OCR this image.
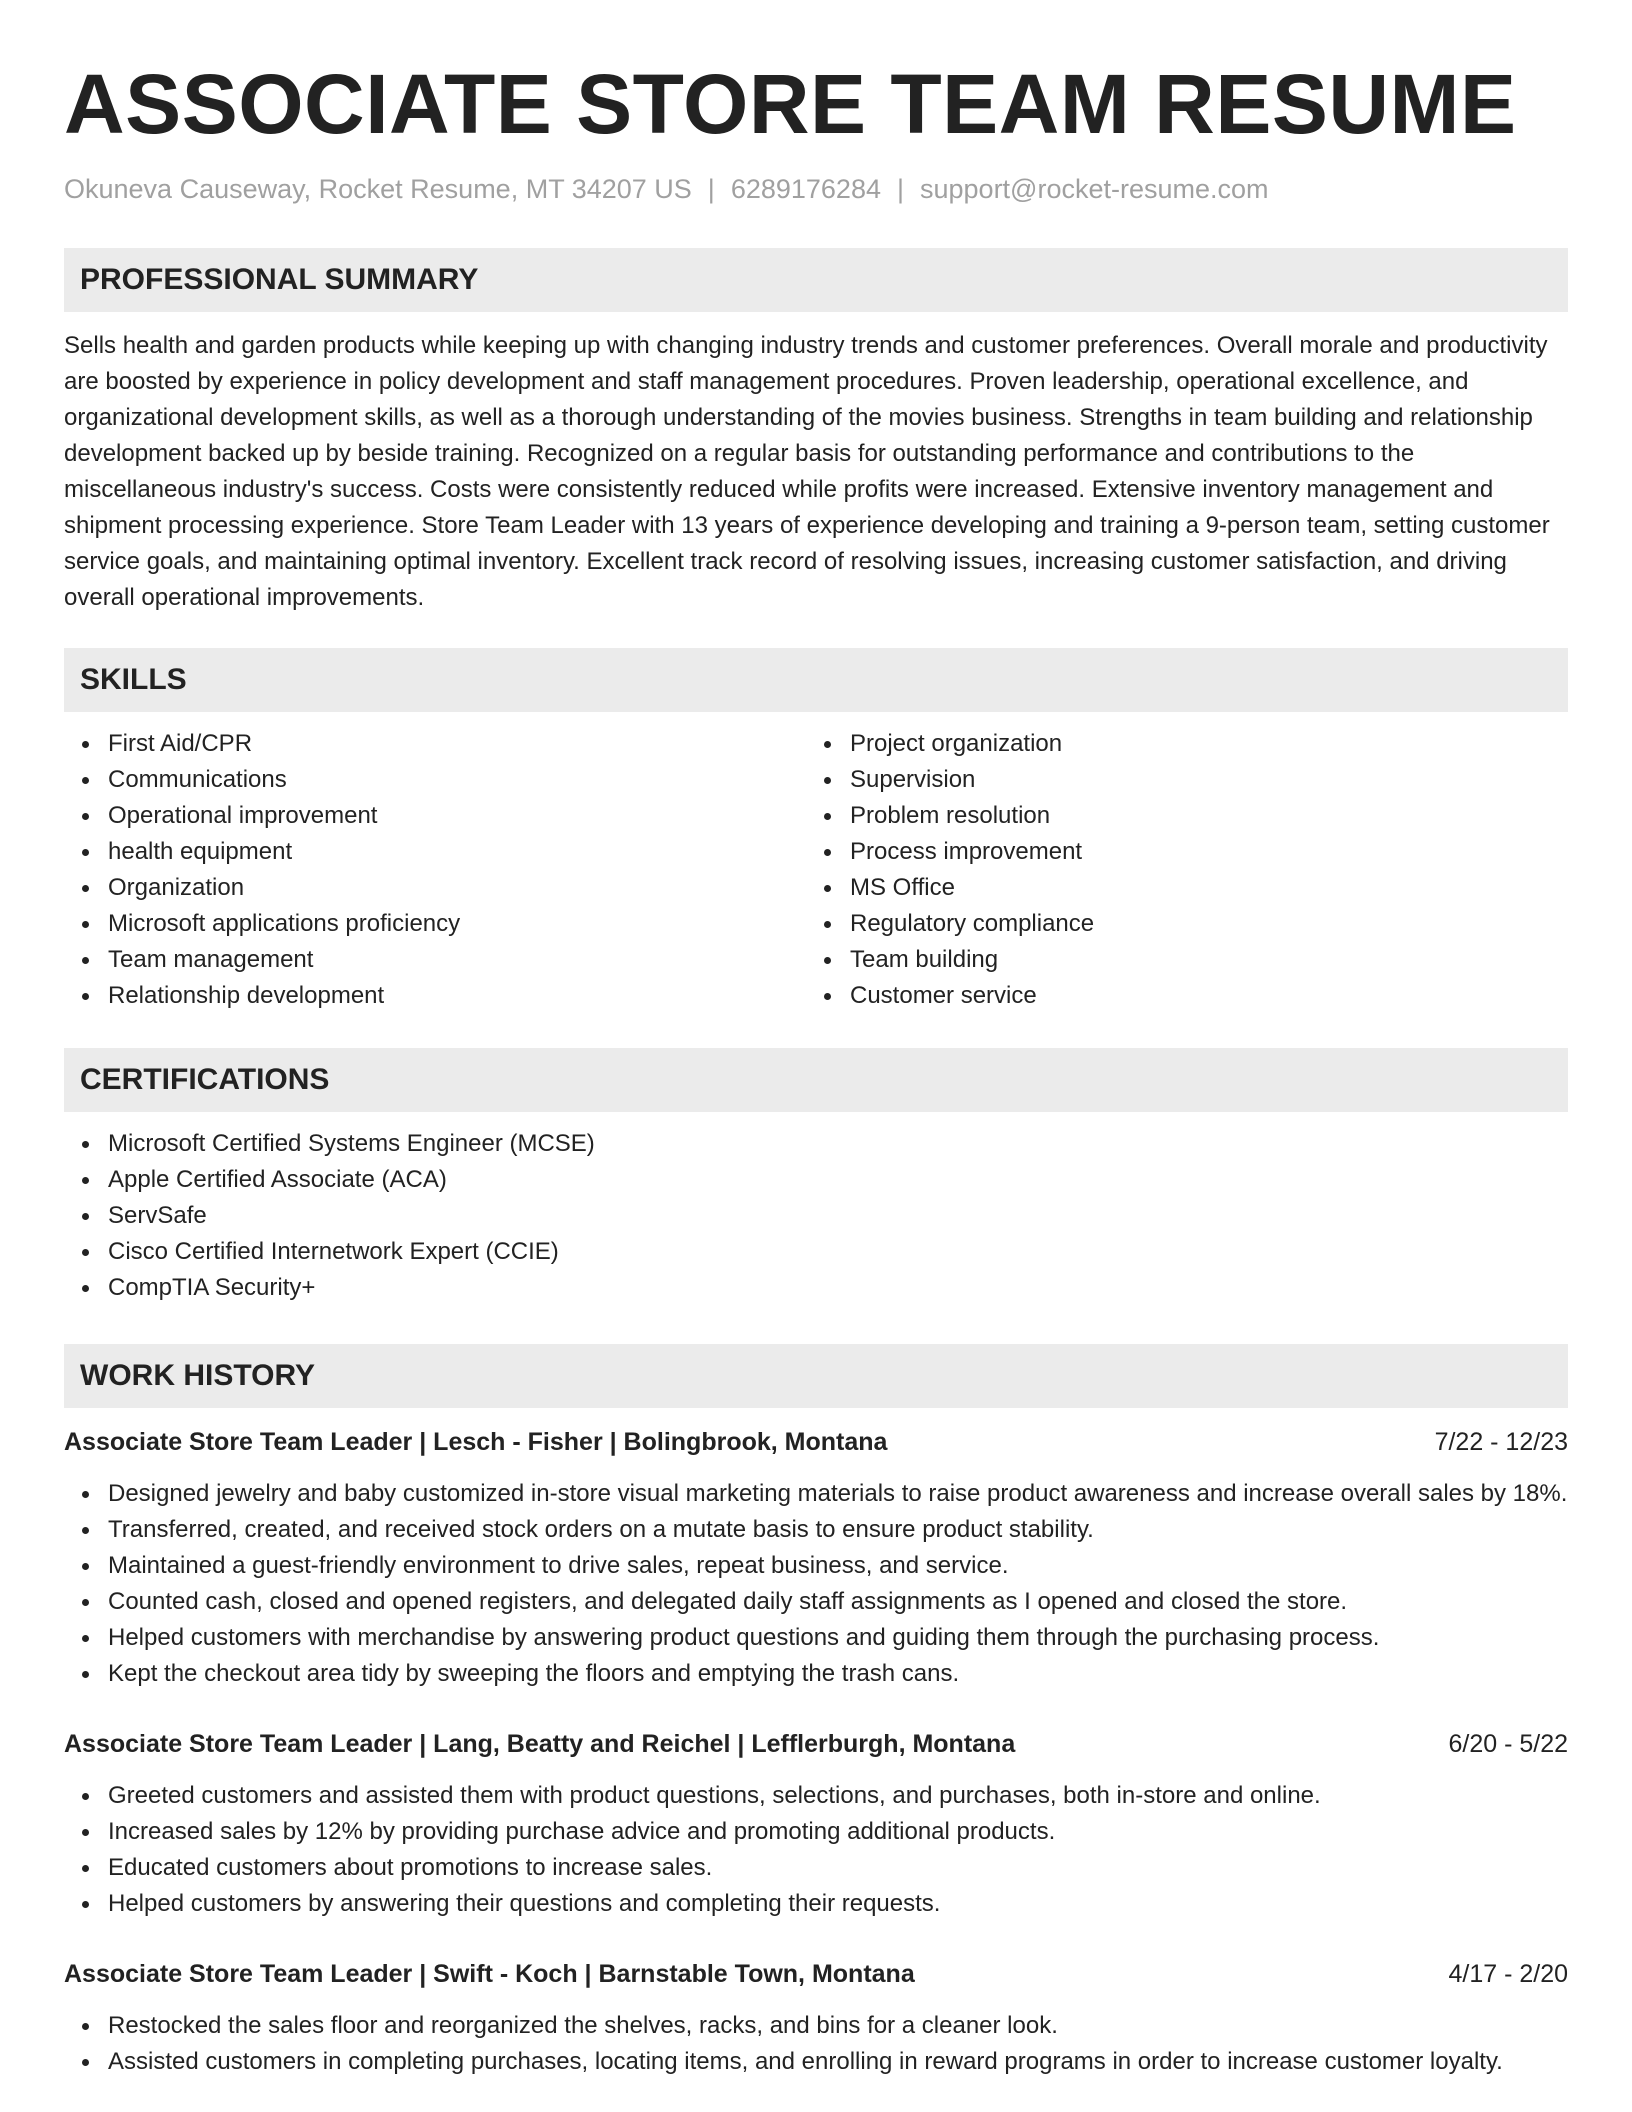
ASSOCIATE STORE TEAM RESUME
Okuneva Causeway, Rocket Resume, MT 34207 US | 6289176284 | support@rocket-resume.com
PROFESSIONAL SUMMARY

Sells health and garden products while keeping up with changing industry trends and customer preferences. Overall morale and productivity are boosted by experience in policy development and staff management procedures. Proven leadership, operational excellence, and organizational development skills, as well as a thorough understanding of the movies business. Strengths in team building and relationship development backed up by beside training. Recognized on a regular basis for outstanding performance and contributions to the miscellaneous industry's success. Costs were consistently reduced while profits were increased. Extensive inventory management and shipment processing experience. Store Team Leader with 13 years of experience developing and training a 9-person team, setting customer service goals, and maintaining optimal inventory. Excellent track record of resolving issues, increasing customer satisfaction, and driving overall operational improvements.

SKILLS
First Aid/CPR
Communications
Operational improvement
health equipment
Organization
Microsoft applications proficiency
Team management
Relationship development
Project organization
Supervision
Problem resolution
Process improvement
MS Office
Regulatory compliance
Team building
Customer service
CERTIFICATIONS
Microsoft Certified Systems Engineer (MCSE)
Apple Certified Associate (ACA)
ServSafe
Cisco Certified Internetwork Expert (CCIE)
CompTIA Security+
WORK HISTORY
Associate Store Team Leader | Lesch - Fisher | Bolingbrook, Montana	7/22 - 12/23
Designed jewelry and baby customized in-store visual marketing materials to raise product awareness and increase overall sales by 18%.
Transferred, created, and received stock orders on a mutate basis to ensure product stability.
Maintained a guest-friendly environment to drive sales, repeat business, and service.
Counted cash, closed and opened registers, and delegated daily staff assignments as I opened and closed the store.
Helped customers with merchandise by answering product questions and guiding them through the purchasing process.
Kept the checkout area tidy by sweeping the floors and emptying the trash cans.
Associate Store Team Leader | Lang, Beatty and Reichel | Lefflerburgh, Montana	6/20 - 5/22
Greeted customers and assisted them with product questions, selections, and purchases, both in-store and online.
Increased sales by 12% by providing purchase advice and promoting additional products.
Educated customers about promotions to increase sales.
Helped customers by answering their questions and completing their requests.
Associate Store Team Leader | Swift - Koch | Barnstable Town, Montana	4/17 - 2/20
Restocked the sales floor and reorganized the shelves, racks, and bins for a cleaner look.
Assisted customers in completing purchases, locating items, and enrolling in reward programs in order to increase customer loyalty.
